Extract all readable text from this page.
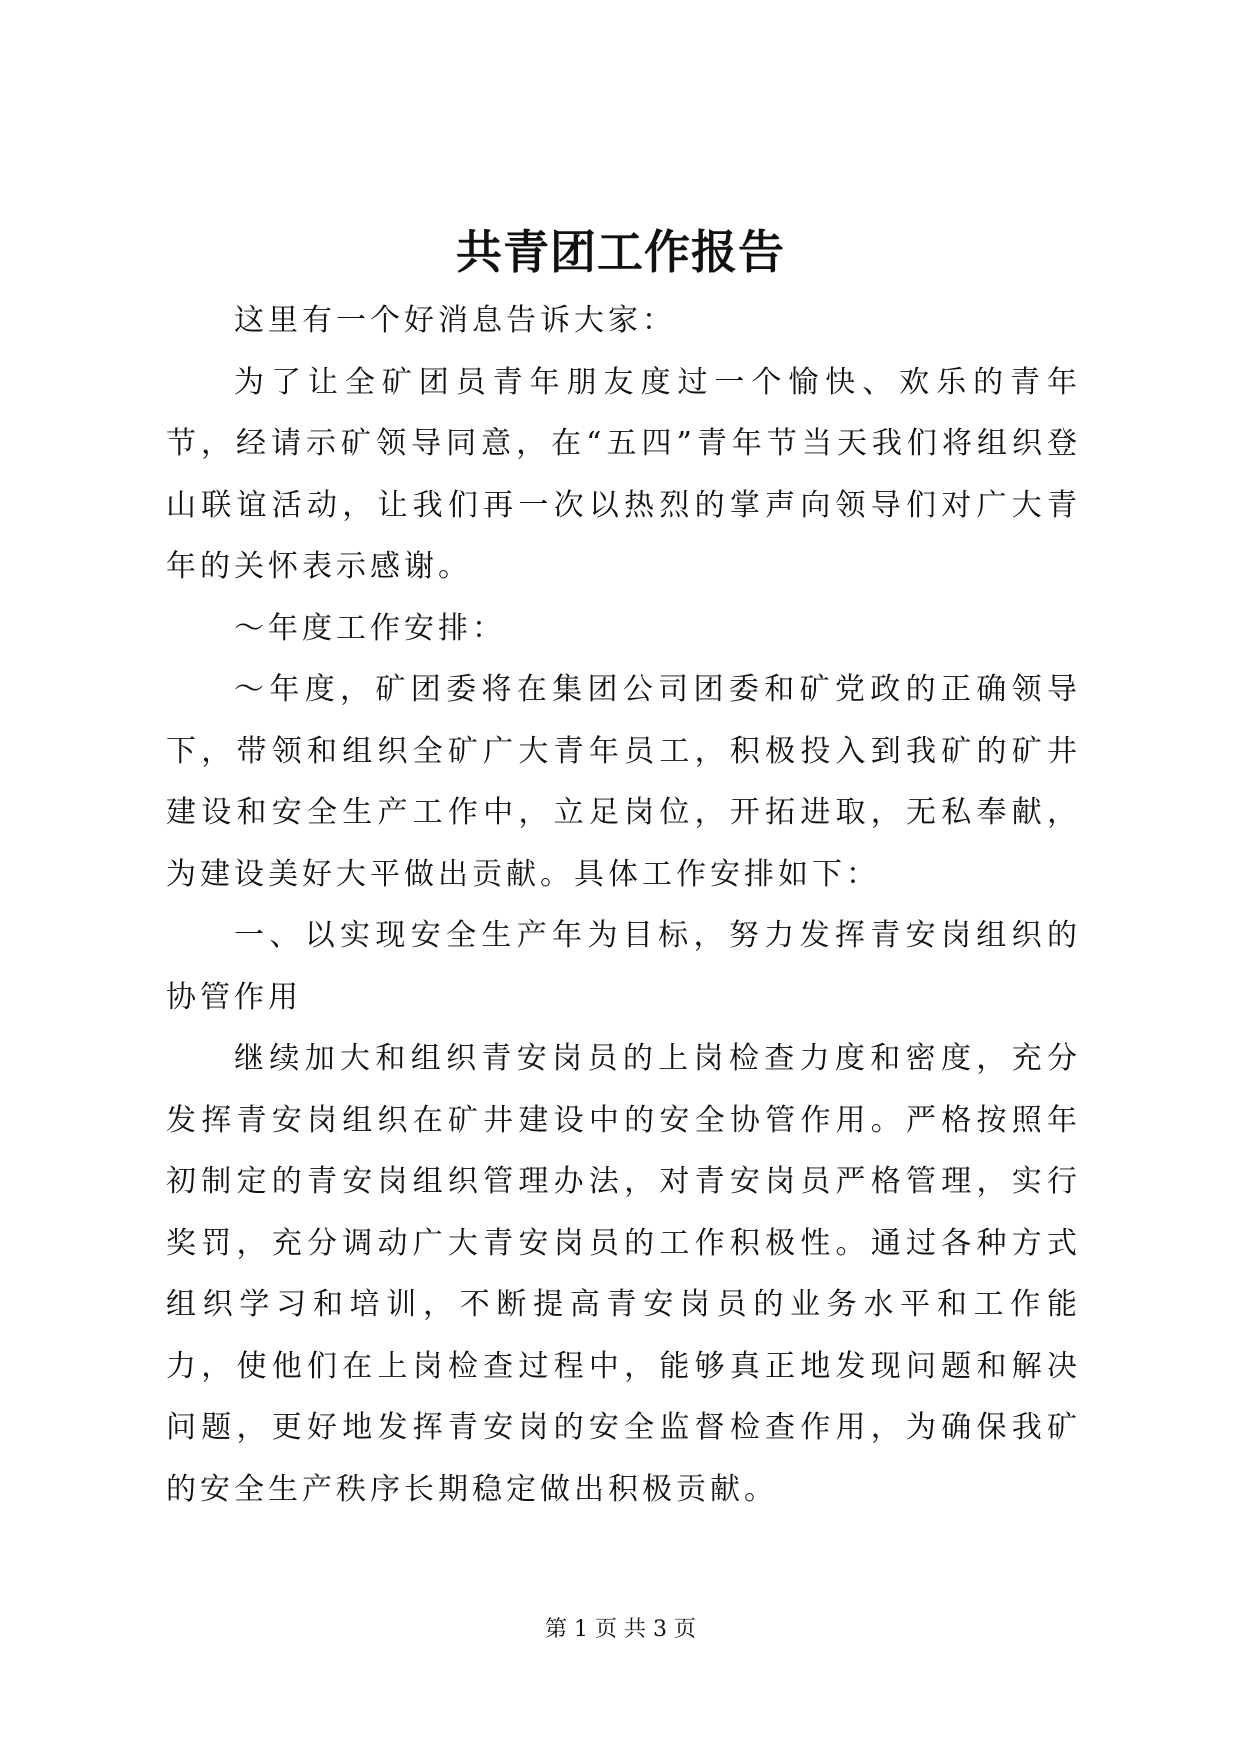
共青团工作报告

这里有一个好消息告诉大家：

为了让全矿团员青年朋友度过一个愉快、欢乐的青年节，经请示矿领导同意，在“五四”青年节当天我们将组织登山联谊活动，让我们再一次以热烈的掌声向领导们对广大青年的关怀表示感谢。

～年度工作安排：

～年度，矿团委将在集团公司团委和矿党政的正确领导下，带领和组织全矿广大青年员工，积极投入到我矿的矿井建设和安全生产工作中，立足岗位，开拓进取，无私奉献，为建设美好大平做出贡献。具体工作安排如下：

一、以实现安全生产年为目标，努力发挥青安岗组织的协管作用

继续加大和组织青安岗员的上岗检查力度和密度，充分发挥青安岗组织在矿井建设中的安全协管作用。严格按照年初制定的青安岗组织管理办法，对青安岗员严格管理，实行奖罚，充分调动广大青安岗员的工作积极性。通过各种方式组织学习和培训，不断提高青安岗员的业务水平和工作能力，使他们在上岗检查过程中，能够真正地发现问题和解决问题，更好地发挥青安岗的安全监督检查作用，为确保我矿的安全生产秩序长期稳定做出积极贡献。

第 1 页 共 3 页
